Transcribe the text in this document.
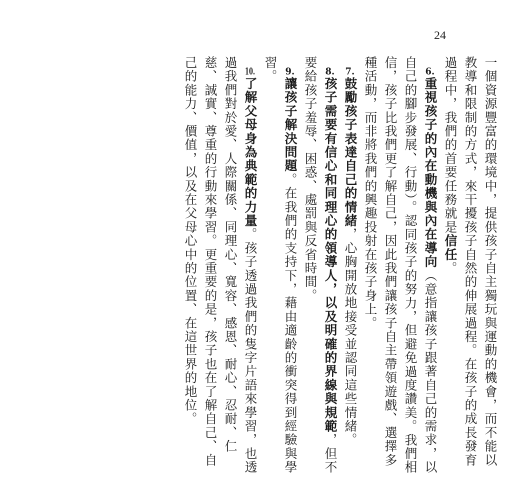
24

一個資源豐富的環境中，提供孩子自主獨玩與運動的機會，而不能以教導和限制的方式，來干擾孩子自然的伸展過程。在孩子的成長發育過程中，我們的首要任務就是信任。

6.重視孩子的內在動機與內在導向（意指讓孩子跟著自己的需求，以自己的腳步發展、行動）。認同孩子的努力，但避免過度讚美。我們相信，孩子比我們更了解自己，因此我們讓孩子自主帶領遊戲、選擇多種活動，而非將我們的興趣投射在孩子身上。

7.鼓勵孩子表達自己的情緒，心胸開放地接受並認同這些情緒。

8.孩子需要有信心和同理心的領導人，以及明確的界線與規範，但不要給孩子羞辱、困惑、處罰與反省時間。

9.讓孩子解決問題。在我們的支持下，藉由適齡的衝突得到經驗與學習。

10.了解父母身為典範的力量。孩子透過我們的隻字片語來學習，也透過我們對於愛、人際關係、同理心、寬容、感恩、耐心、忍耐、仁慈、誠實、尊重的行動來學習。更重要的是，孩子也在了解自己、自己的能力、價值，以及在父母心中的位置、在這世界的地位。
